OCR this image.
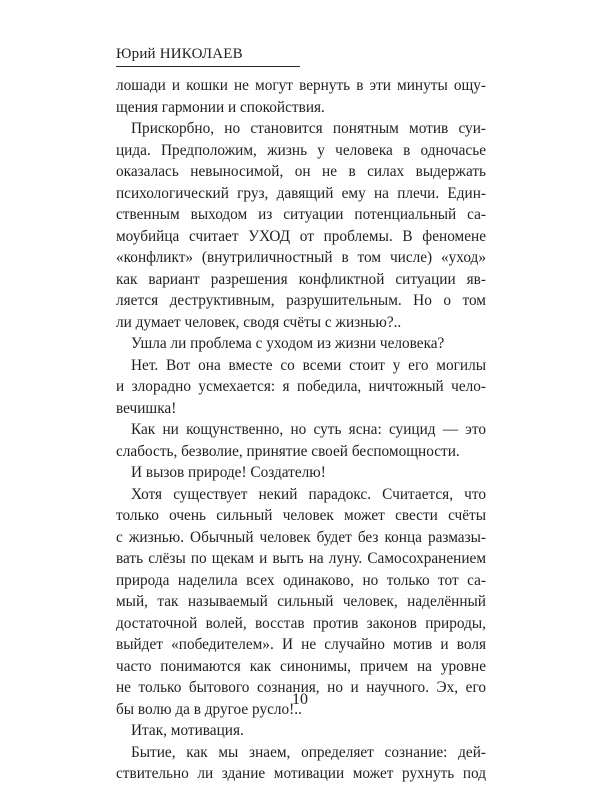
Юрий НИКОЛАЕВ
лошади и кошки не могут вернуть в эти минуты ощу-
щения гармонии и спокойствия.
Прискорбно, но становится понятным мотив суи-
цида. Предположим, жизнь у человека в одночасье
оказалась невыносимой, он не в силах выдержать
психологический груз, давящий ему на плечи. Един-
ственным выходом из ситуации потенциальный са-
моубийца считает УХОД от проблемы. В феномене
«конфликт» (внутриличностный в том числе) «уход»
как вариант разрешения конфликтной ситуации яв-
ляется деструктивным, разрушительным. Но о том
ли думает человек, сводя счёты с жизнью?..
Ушла ли проблема с уходом из жизни человека?
Нет. Вот она вместе со всеми стоит у его могилы
и злорадно усмехается: я победила, ничтожный чело-
вечишка!
Как ни кощунственно, но суть ясна: суицид — это
слабость, безволие, принятие своей беспомощности.
И вызов природе! Создателю!
Хотя существует некий парадокс. Считается, что
только очень сильный человек может свести счёты
с жизнью. Обычный человек будет без конца размазы-
вать слёзы по щекам и выть на луну. Самосохранением
природа наделила всех одинаково, но только тот са-
мый, так называемый сильный человек, наделённый
достаточной волей, восстав против законов природы,
выйдет «победителем». И не случайно мотив и воля
часто понимаются как синонимы, причем на уровне
не только бытового сознания, но и научного. Эх, его
бы волю да в другое русло!..
Итак, мотивация.
Бытие, как мы знаем, определяет сознание: дей-
ствительно ли здание мотивации может рухнуть под
10
